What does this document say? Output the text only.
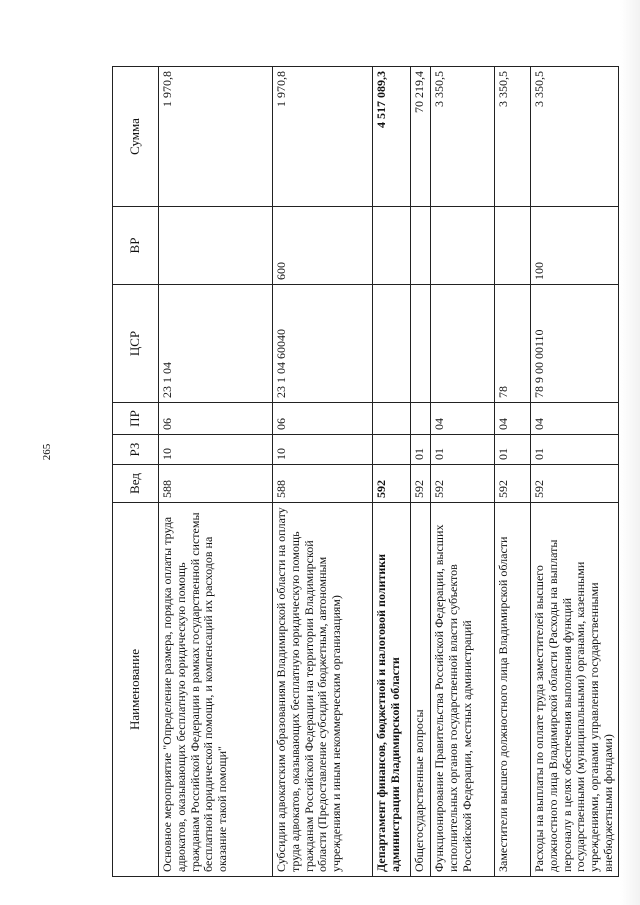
265
Наименование	Вед	РЗ	ПР	ЦСР	ВР	Сумма
Основное мероприятие "Определение размера, порядка оплаты труда адвокатов, оказывающих бесплатную юридическую помощь гражданам Российской Федерации в рамках государственной системы бесплатной юридической помощи, и компенсаций их расходов на оказание такой помощи"	588	10	06	23 1 04		1 970,8
Субсидии адвокатским образованиям Владимирской области на оплату труда адвокатов, оказывающих бесплатную юридическую помощь гражданам Российской Федерации на территории Владимирской области (Предоставление субсидий бюджетным, автономным учреждениям и иным некоммерческим организациям)	588	10	06	23 1 04 60040	600	1 970,8
Департамент финансов, бюджетной и налоговой политики администрации Владимирской области	592					4 517 089,3
Общегосударственные вопросы	592	01				70 219,4
Функционирование Правительства Российской Федерации, высших исполнительных органов государственной власти субъектов Российской Федерации, местных администраций	592	01	04			3 350,5
Заместители высшего должностного лица Владимирской области	592	01	04	78		3 350,5
Расходы на выплаты по оплате труда заместителей высшего должностного лица Владимирской области (Расходы на выплаты персоналу в целях обеспечения выполнения функций государственными (муниципальными) органами, казенными учреждениями, органами управления государственными внебюджетными фондами)	592	01	04	78 9 00 00110	100	3 350,5
